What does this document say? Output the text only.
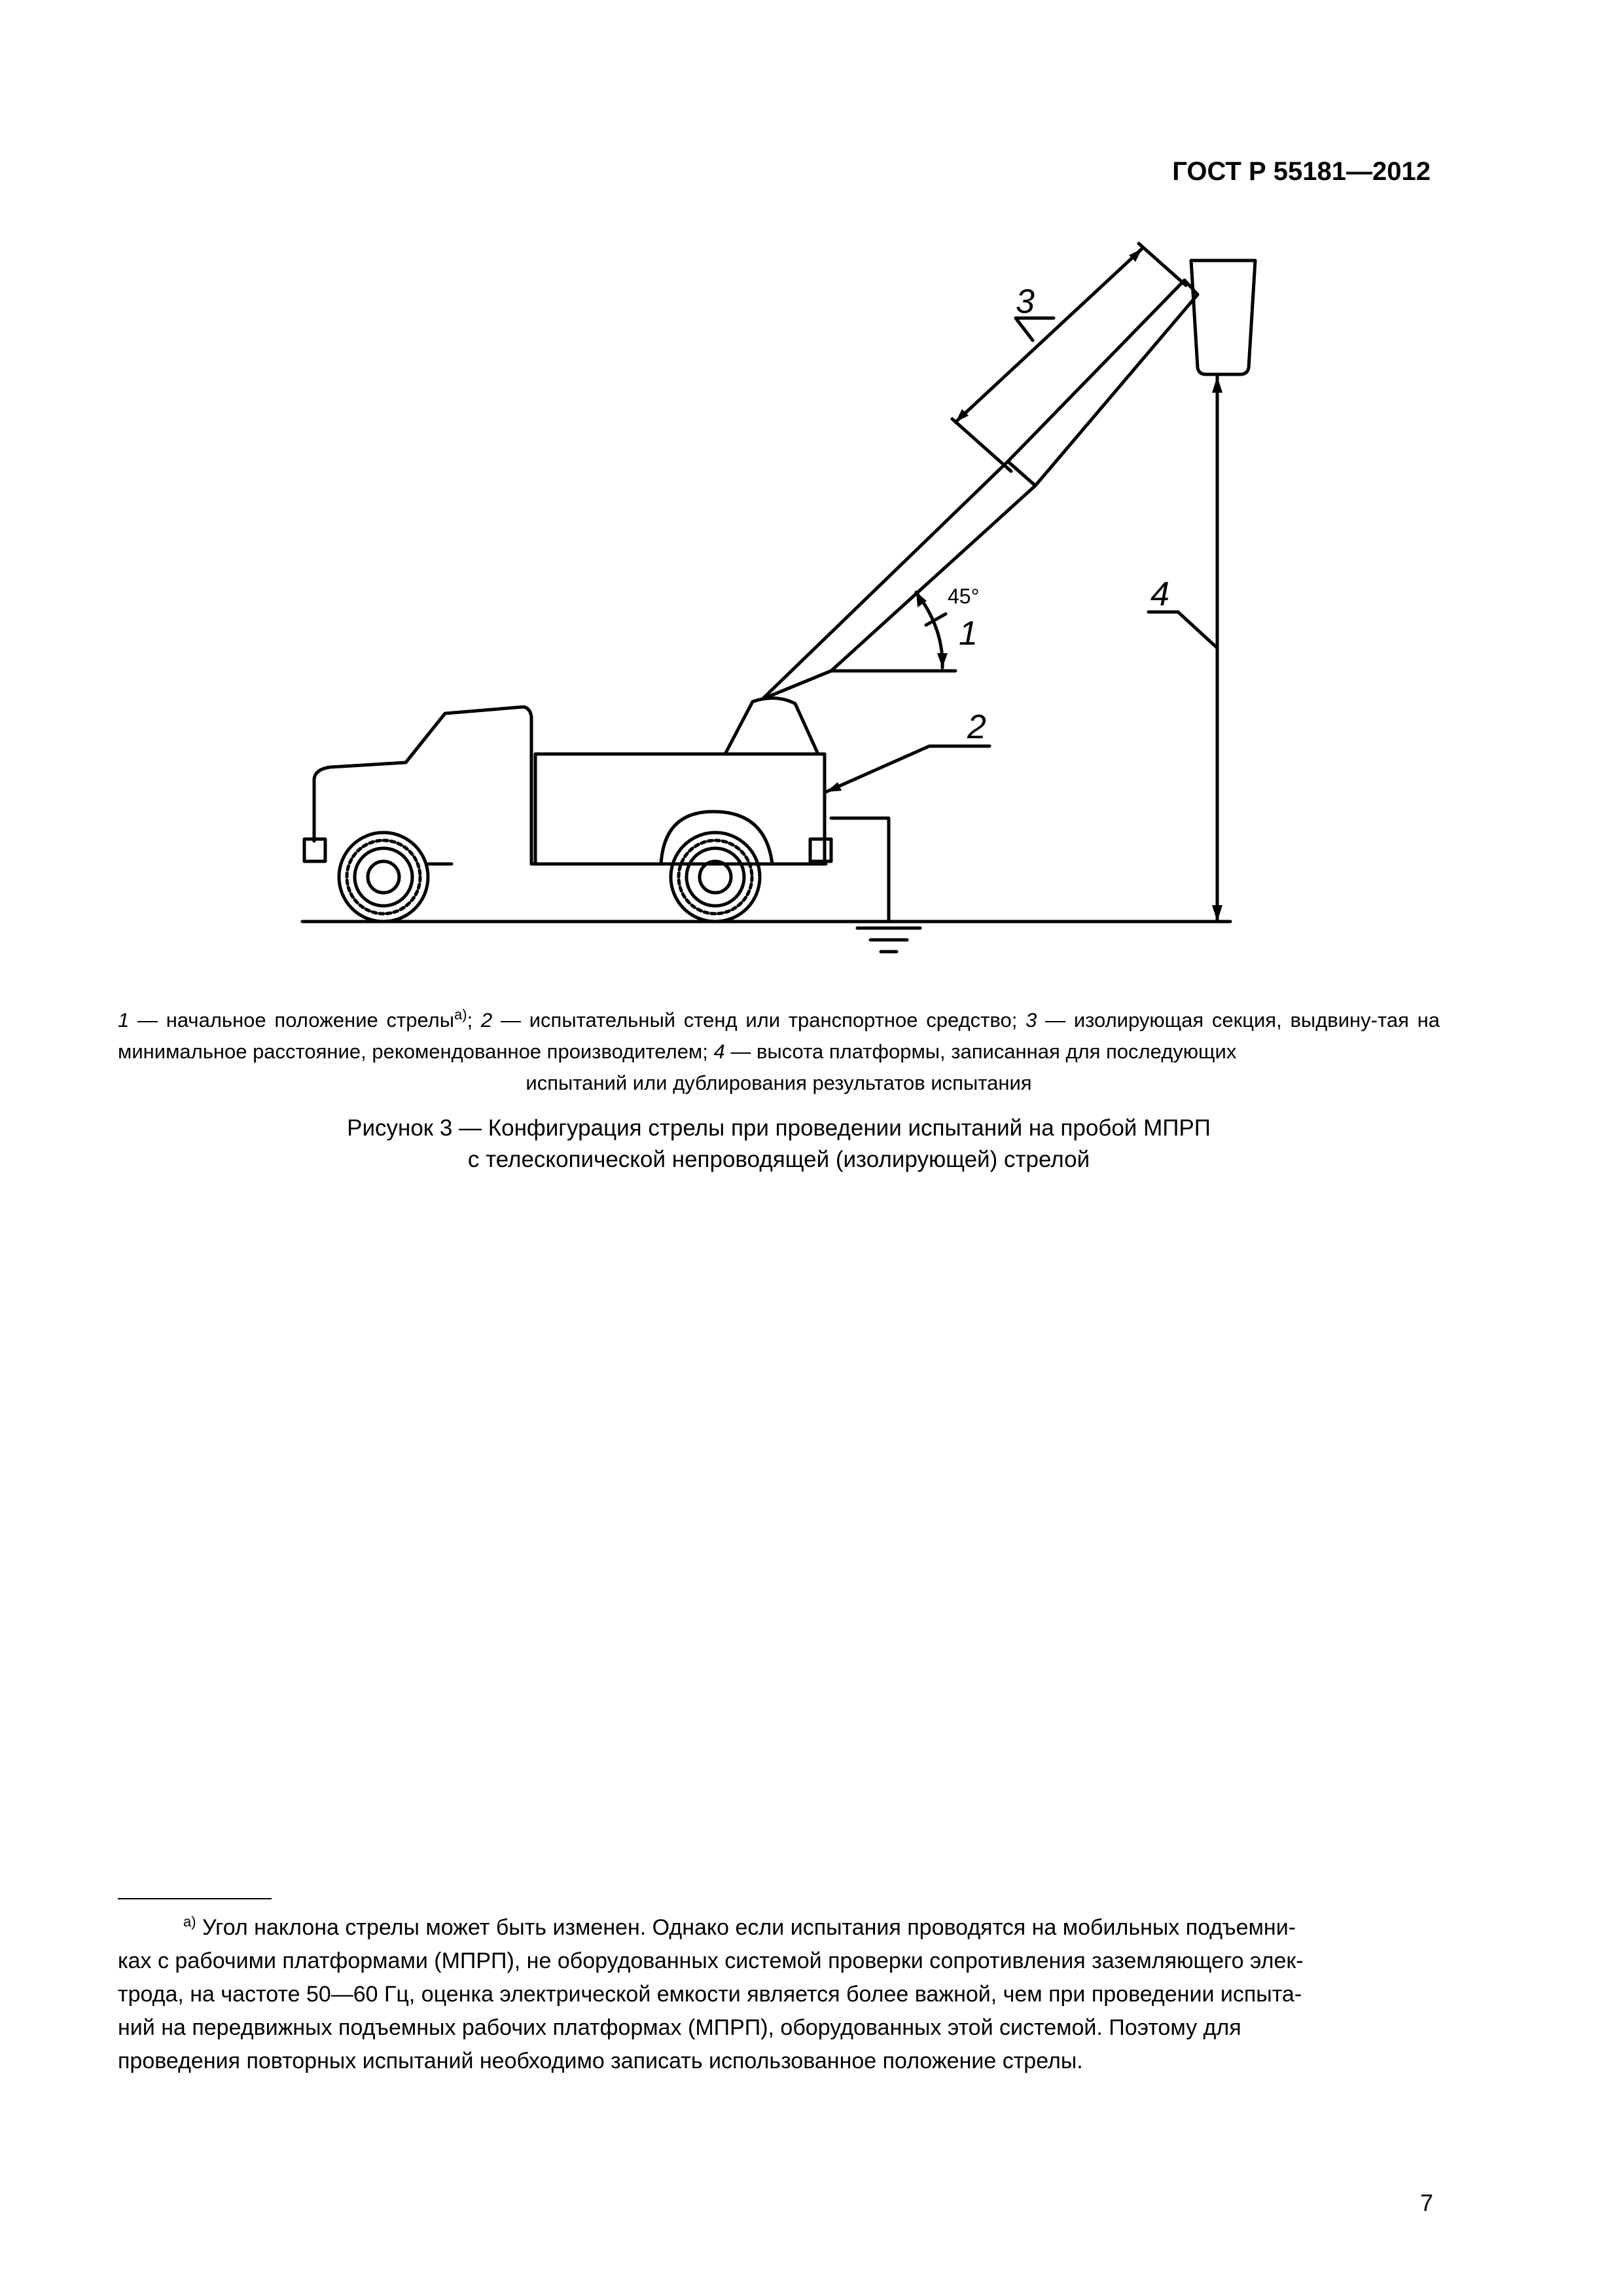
ГОСТ Р 55181—2012
3
4
1
2
45°
1 — начальное положение стрелы$^{а)}$; 2 — испытательный стенд или транспортное средство; 3 — изолирующая секция, выдвину-тая на минимальное расстояние, рекомендованное производителем; 4 — высота платформы, записанная для последующих
испытаний или дублирования результатов испытания
Рисунок 3 — Конфигурация стрелы при проведении испытаний на пробой МПРП
с телескопической непроводящей (изолирующей) стрелой
$^{а)}$ Угол наклона стрелы может быть изменен. Однако если испытания проводятся на мобильных подъемни-
ках с рабочими платформами (МПРП), не оборудованных системой проверки сопротивления заземляющего элек-
трода, на частоте 50—60 Гц, оценка электрической емкости является более важной, чем при проведении испыта-
ний на передвижных подъемных рабочих платформах (МПРП), оборудованных этой системой. Поэтому для
проведения повторных испытаний необходимо записать использованное положение стрелы.
7
